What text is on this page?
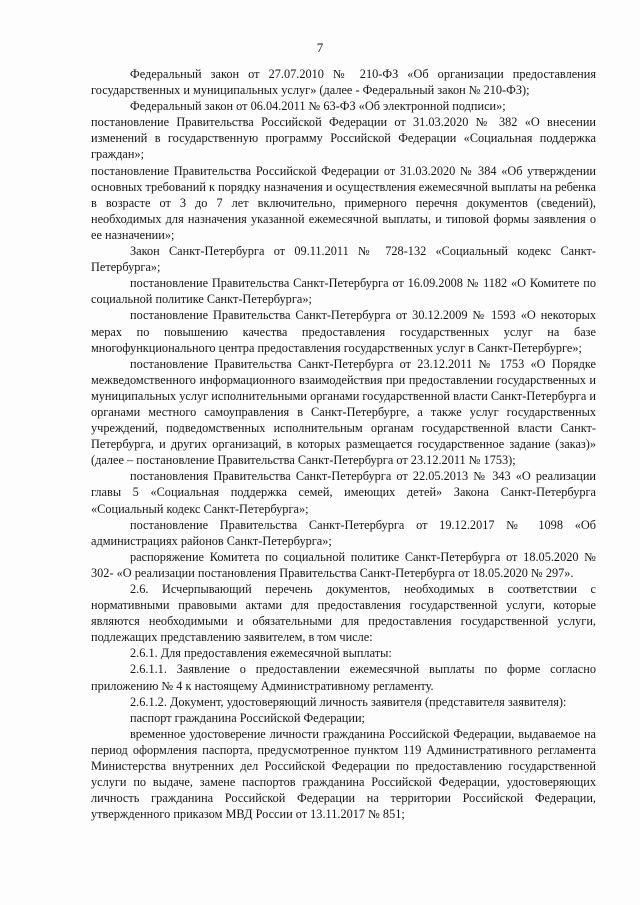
7

Федеральный закон от 27.07.2010 № 210-ФЗ «Об организации предоставления государственных и муниципальных услуг» (далее - Федеральный закон № 210-ФЗ);

Федеральный закон от 06.04.2011 № 63-ФЗ «Об электронной подписи»;

постановление Правительства Российской Федерации от 31.03.2020 № 382 «О внесении изменений в государственную программу Российской Федерации «Социальная поддержка граждан»;

постановление Правительства Российской Федерации от 31.03.2020 № 384 «Об утверждении основных требований к порядку назначения и осуществления ежемесячной выплаты на ребенка в возрасте от 3 до 7 лет включительно, примерного перечня документов (сведений), необходимых для назначения указанной ежемесячной выплаты, и типовой формы заявления о ее назначении»;

Закон Санкт-Петербурга от 09.11.2011 № 728-132 «Социальный кодекс Санкт-Петербурга»;

постановление Правительства Санкт-Петербурга от 16.09.2008 № 1182 «О Комитете по социальной политике Санкт-Петербурга»;

постановление Правительства Санкт-Петербурга от 30.12.2009 № 1593 «О некоторых мерах по повышению качества предоставления государственных услуг на базе многофункционального центра предоставления государственных услуг в Санкт-Петербурге»;

постановление Правительства Санкт-Петербурга от 23.12.2011 № 1753 «О Порядке межведомственного информационного взаимодействия при предоставлении государственных и муниципальных услуг исполнительными органами государственной власти Санкт-Петербурга и органами местного самоуправления в Санкт-Петербурге, а также услуг государственных учреждений, подведомственных исполнительным органам государственной власти Санкт-Петербурга, и других организаций, в которых размещается государственное задание (заказ)» (далее – постановление Правительства Санкт-Петербурга от 23.12.2011 № 1753);

постановления Правительства Санкт-Петербурга от 22.05.2013 № 343 «О реализации главы 5 «Социальная поддержка семей, имеющих детей» Закона Санкт-Петербурга «Социальный кодекс Санкт-Петербурга»;

постановление Правительства Санкт-Петербурга от 19.12.2017 № 1098 «Об администрациях районов Санкт-Петербурга»;

распоряжение Комитета по социальной политике Санкт-Петербурга от 18.05.2020 № 302- «О реализации постановления Правительства Санкт-Петербурга от 18.05.2020 № 297».

2.6. Исчерпывающий перечень документов, необходимых в соответствии с нормативными правовыми актами для предоставления государственной услуги, которые являются необходимыми и обязательными для предоставления государственной услуги, подлежащих представлению заявителем, в том числе:

2.6.1. Для предоставления ежемесячной выплаты:

2.6.1.1. Заявление о предоставлении ежемесячной выплаты по форме согласно приложению № 4 к настоящему Административному регламенту.

2.6.1.2. Документ, удостоверяющий личность заявителя (представителя заявителя):

паспорт гражданина Российской Федерации;

временное удостоверение личности гражданина Российской Федерации, выдаваемое на период оформления паспорта, предусмотренное пунктом 119 Административного регламента Министерства внутренних дел Российской Федерации по предоставлению государственной услуги по выдаче, замене паспортов гражданина Российской Федерации, удостоверяющих личность гражданина Российской Федерации на территории Российской Федерации, утвержденного приказом МВД России от 13.11.2017 № 851;
